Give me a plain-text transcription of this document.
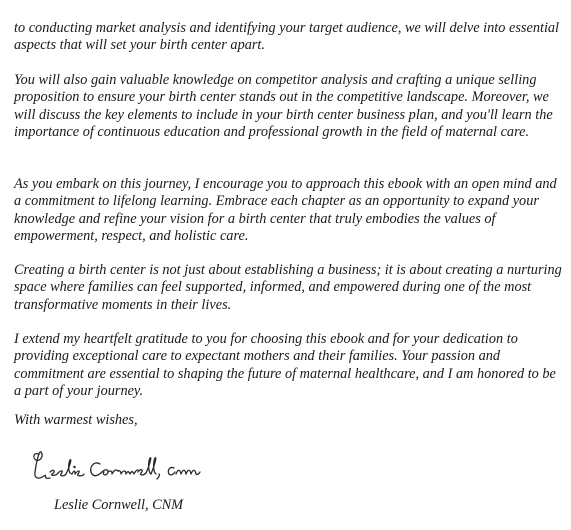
to conducting market analysis and identifying your target audience, we will delve into essential aspects that will set your birth center apart.

You will also gain valuable knowledge on competitor analysis and crafting a unique selling proposition to ensure your birth center stands out in the competitive landscape. Moreover, we will discuss the key elements to include in your birth center business plan, and you'll learn the importance of continuous education and professional growth in the field of maternal care.

As you embark on this journey, I encourage you to approach this ebook with an open mind and a commitment to lifelong learning. Embrace each chapter as an opportunity to expand your knowledge and refine your vision for a birth center that truly embodies the values of empowerment, respect, and holistic care.

Creating a birth center is not just about establishing a business; it is about creating a nurturing space where families can feel supported, informed, and empowered during one of the most transformative moments in their lives.

I extend my heartfelt gratitude to you for choosing this ebook and for your dedication to providing exceptional care to expectant mothers and their families. Your passion and commitment are essential to shaping the future of maternal healthcare, and I am honored to be a part of your journey.

With warmest wishes,

Leslie Cornwell, CNM
